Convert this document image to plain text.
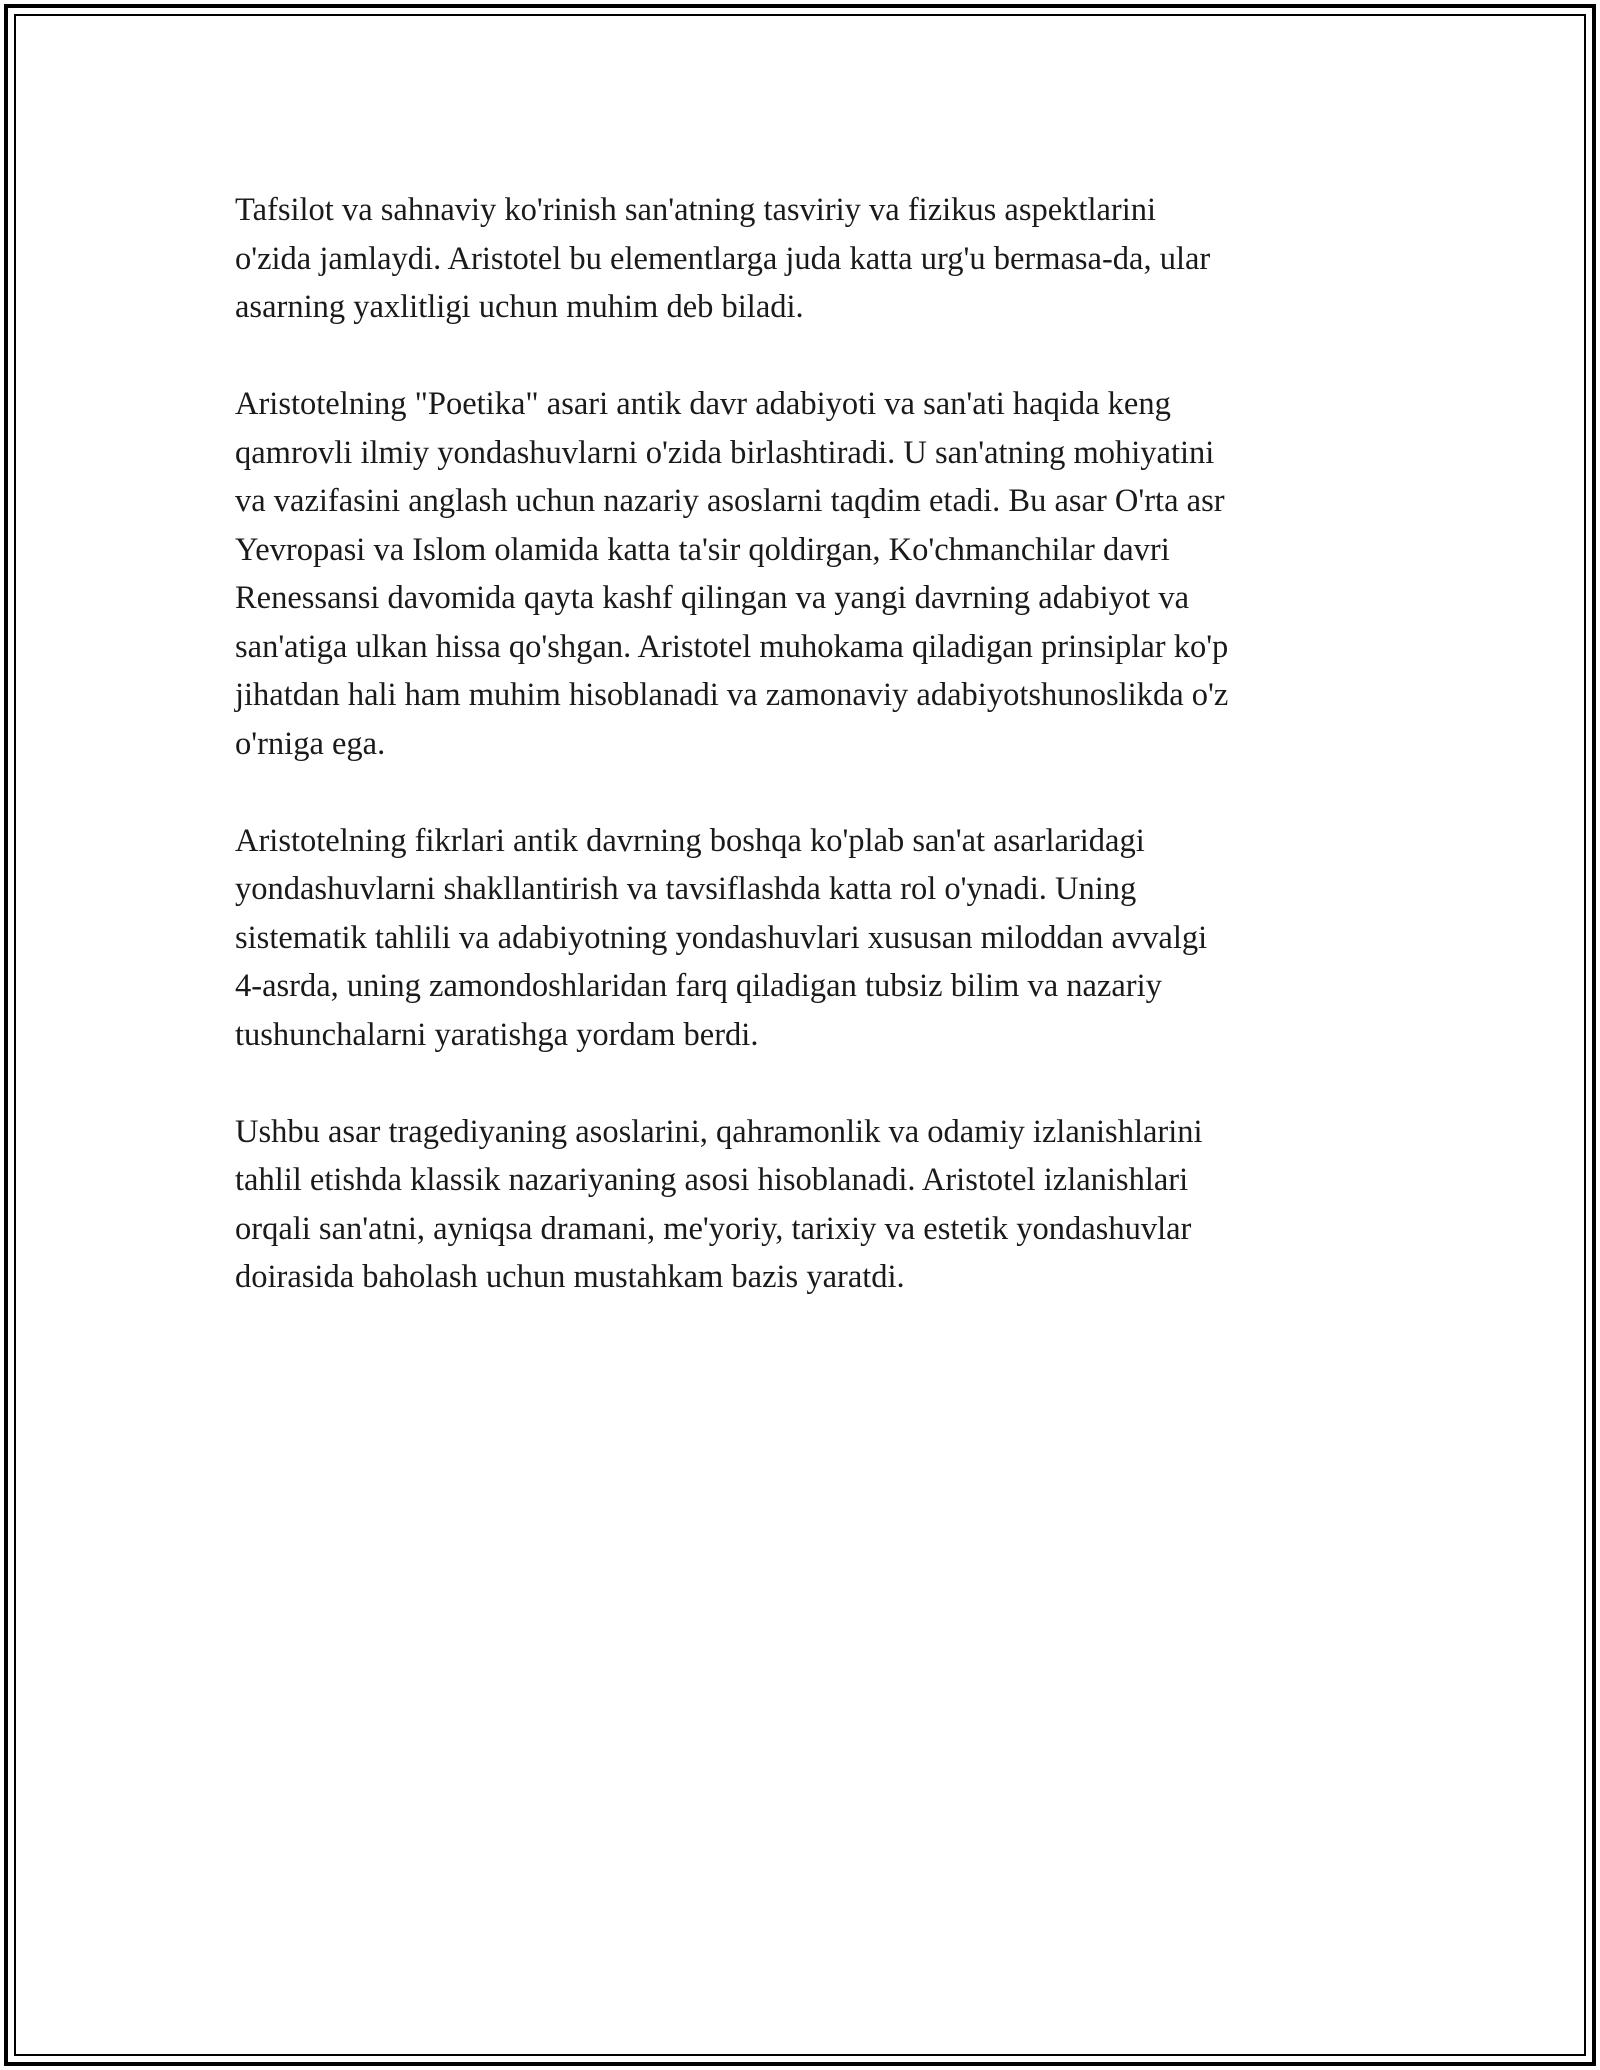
Tafsilot va sahnaviy ko'rinish san'atning tasviriy va fizikus aspektlarini
o'zida jamlaydi. Aristotel bu elementlarga juda katta urg'u bermasa-da, ular
asarning yaxlitligi uchun muhim deb biladi.

Aristotelning "Poetika" asari antik davr adabiyoti va san'ati haqida keng
qamrovli ilmiy yondashuvlarni o'zida birlashtiradi. U san'atning mohiyatini
va vazifasini anglash uchun nazariy asoslarni taqdim etadi. Bu asar O'rta asr
Yevropasi va Islom olamida katta ta'sir qoldirgan, Ko'chmanchilar davri
Renessansi davomida qayta kashf qilingan va yangi davrning adabiyot va
san'atiga ulkan hissa qo'shgan. Aristotel muhokama qiladigan prinsiplar ko'p
jihatdan hali ham muhim hisoblanadi va zamonaviy adabiyotshunoslikda o'z
o'rniga ega.

Aristotelning fikrlari antik davrning boshqa ko'plab san'at asarlaridagi
yondashuvlarni shakllantirish va tavsiflashda katta rol o'ynadi. Uning
sistematik tahlili va adabiyotning yondashuvlari xususan miloddan avvalgi
4-asrda, uning zamondoshlaridan farq qiladigan tubsiz bilim va nazariy
tushunchalarni yaratishga yordam berdi.

Ushbu asar tragediyaning asoslarini, qahramonlik va odamiy izlanishlarini
tahlil etishda klassik nazariyaning asosi hisoblanadi. Aristotel izlanishlari
orqali san'atni, ayniqsa dramani, me'yoriy, tarixiy va estetik yondashuvlar
doirasida baholash uchun mustahkam bazis yaratdi.
